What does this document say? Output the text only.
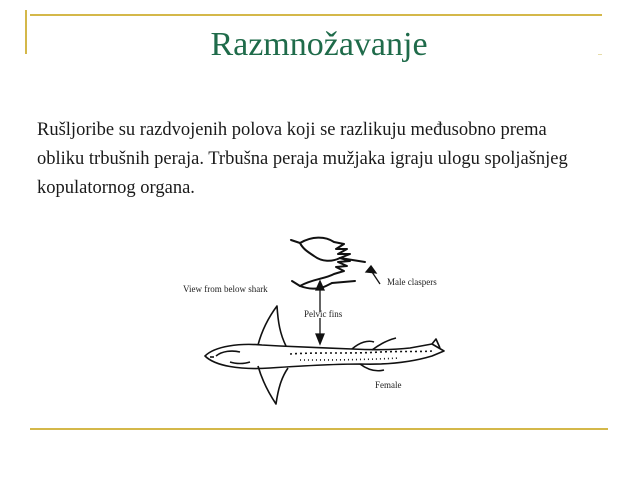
Razmnožavanje
Rušljoribe su razdvojenih polova koji se razlikuju međusobno prema obliku trbušnih peraja. Trbušna peraja mužjaka igraju ulogu spoljašnjeg kopulatornog organa.
View from below shark
Male claspers
Pelvic fins
Female
